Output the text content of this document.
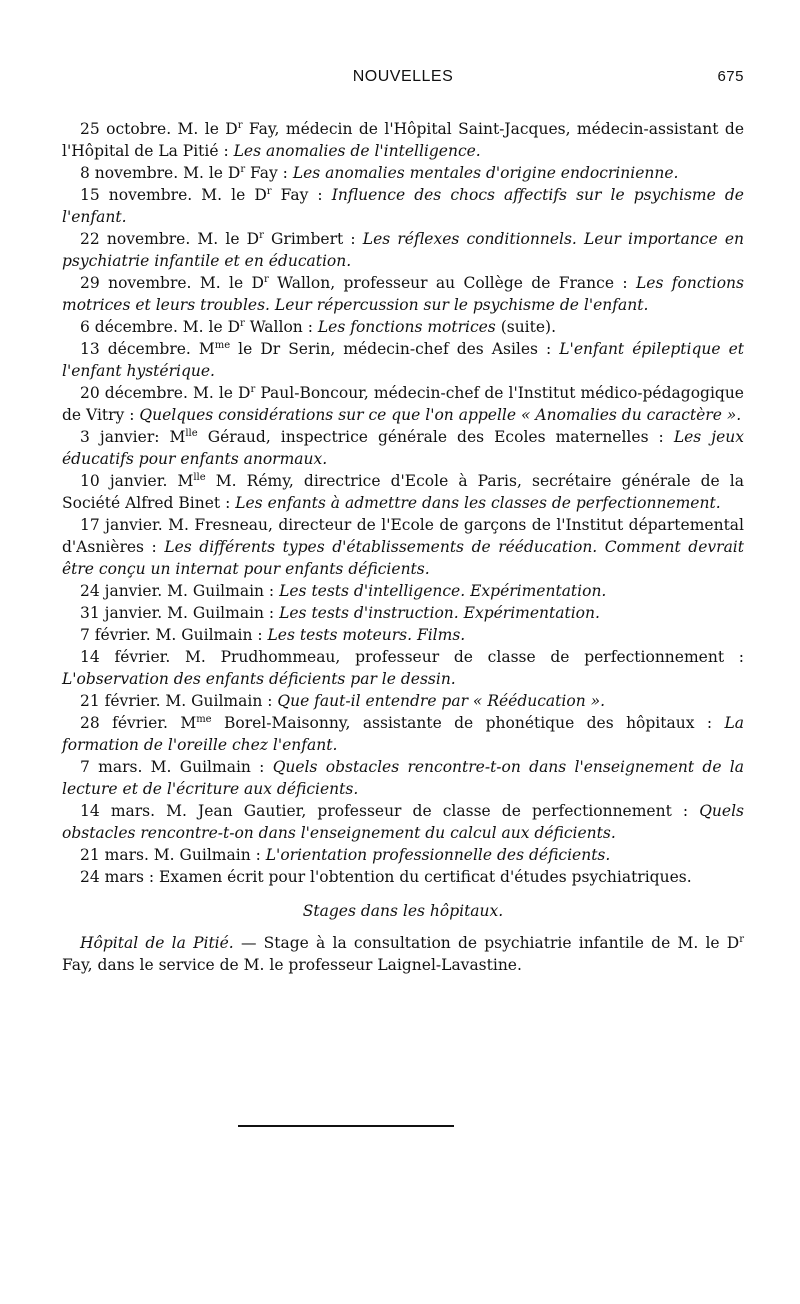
NOUVELLES	675

25 octobre. M. le $D^r$ Fay, médecin de l'Hôpital Saint-Jacques, médecin-assistant de l'Hôpital de La Pitié : Les anomalies de l'intelligence.

8 novembre. M. le $D^r$ Fay : Les anomalies mentales d'origine endocrinienne.

15 novembre. M. le $D^r$ Fay : Influence des chocs affectifs sur le psychisme de l'enfant.

22 novembre. M. le $D^r$ Grimbert : Les réflexes conditionnels. Leur importance en psychiatrie infantile et en éducation.

29 novembre. M. le $D^r$ Wallon, professeur au Collège de France : Les fonctions motrices et leurs troubles. Leur répercussion sur le psychisme de l'enfant.

6 décembre. M. le $D^r$ Wallon : Les fonctions motrices (suite).

13 décembre. $M^{me}$ le Dr Serin, médecin-chef des Asiles : L'enfant épileptique et l'enfant hystérique.

20 décembre. M. le $D^r$ Paul-Boncour, médecin-chef de l'Institut médico-pédagogique de Vitry : Quelques considérations sur ce que l'on appelle « Anomalies du caractère ».

3 janvier: $M^{lle}$ Géraud, inspectrice générale des Ecoles maternelles : Les jeux éducatifs pour enfants anormaux.

10 janvier. $M^{lle}$ M. Rémy, directrice d'Ecole à Paris, secrétaire générale de la Société Alfred Binet : Les enfants à admettre dans les classes de perfectionnement.

17 janvier. M. Fresneau, directeur de l'Ecole de garçons de l'Institut départemental d'Asnières : Les différents types d'établissements de rééducation. Comment devrait être conçu un internat pour enfants déficients.

24 janvier. M. Guilmain : Les tests d'intelligence. Expérimentation.

31 janvier. M. Guilmain : Les tests d'instruction. Expérimentation.

7 février. M. Guilmain : Les tests moteurs. Films.

14 février. M. Prudhommeau, professeur de classe de perfectionnement : L'observation des enfants déficients par le dessin.

21 février. M. Guilmain : Que faut-il entendre par « Rééducation ».

28 février. $M^{me}$ Borel-Maisonny, assistante de phonétique des hôpitaux : La formation de l'oreille chez l'enfant.

7 mars. M. Guilmain : Quels obstacles rencontre-t-on dans l'enseignement de la lecture et de l'écriture aux déficients.

14 mars. M. Jean Gautier, professeur de classe de perfectionnement : Quels obstacles rencontre-t-on dans l'enseignement du calcul aux déficients.

21 mars. M. Guilmain : L'orientation professionnelle des déficients.

24 mars : Examen écrit pour l'obtention du certificat d'études psychiatriques.

Stages dans les hôpitaux.

Hôpital de la Pitié. — Stage à la consultation de psychiatrie infantile de M. le $D^r$ Fay, dans le service de M. le professeur Laignel-Lavastine.
